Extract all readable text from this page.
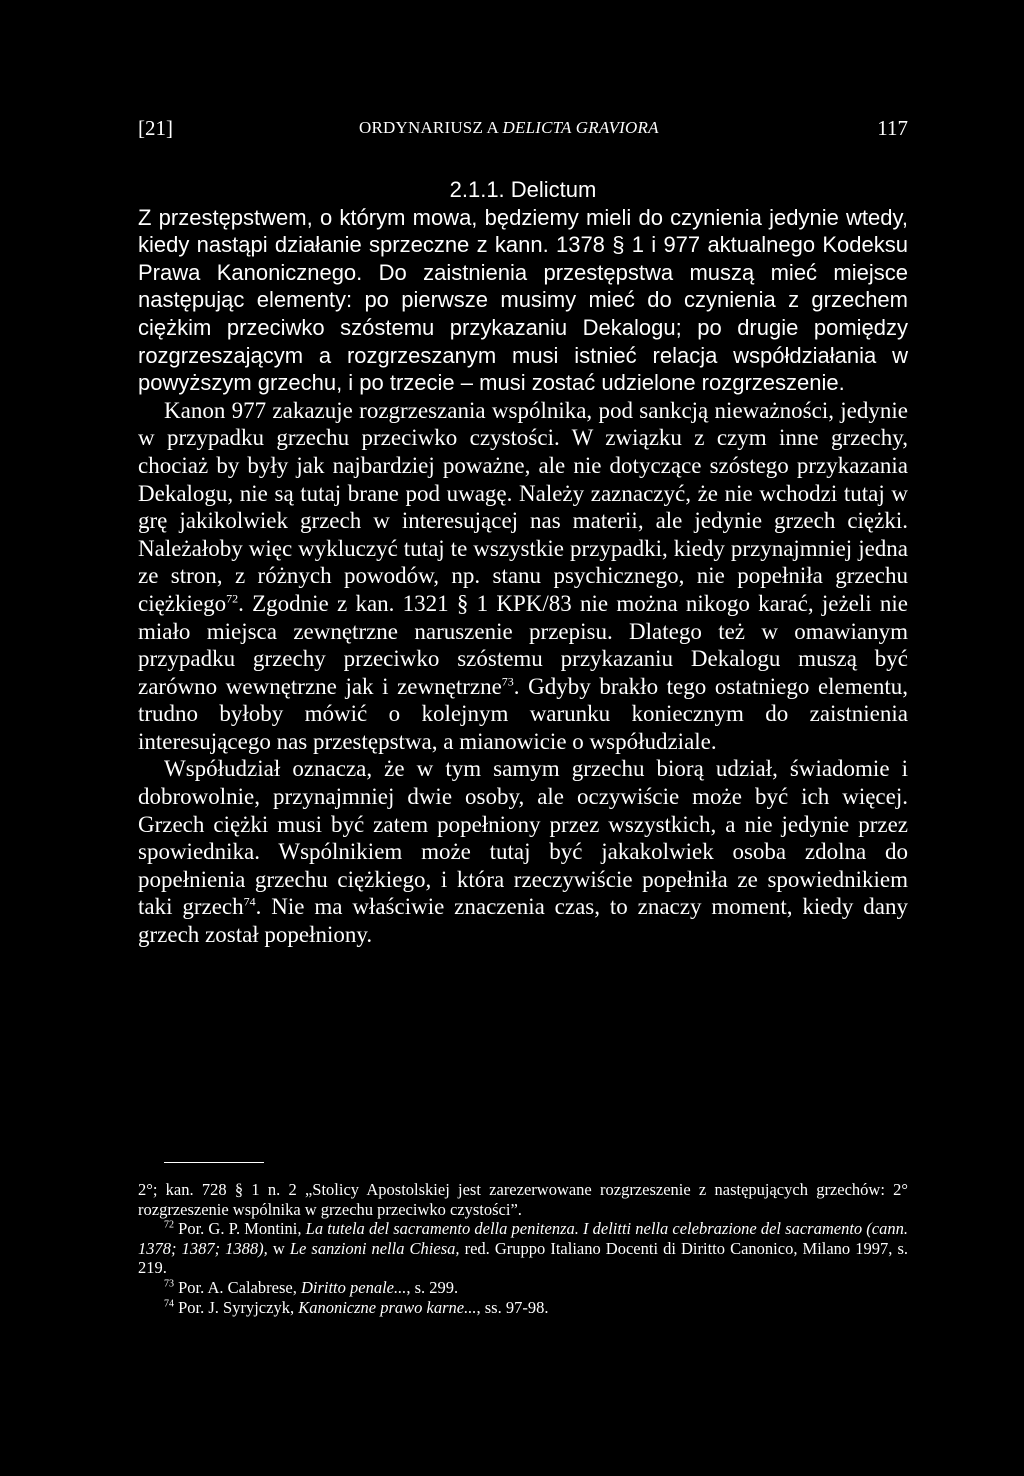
[21]	ORDYNARIUSZ A DELICTA GRAVIORA	117

2.1.1. Delictum

Z przestępstwem, o którym mowa, będziemy mieli do czynienia jedynie wtedy, kiedy nastąpi działanie sprzeczne z kann. 1378 § 1 i 977 aktualnego Kodeksu Prawa Kanonicznego. Do zaistnienia przestępstwa muszą mieć miejsce następując elementy: po pierwsze musimy mieć do czynienia z grzechem ciężkim przeciwko szóstemu przykazaniu Dekalogu; po drugie pomiędzy rozgrzeszającym a rozgrzeszanym musi istnieć relacja współdziałania w powyższym grzechu, i po trzecie – musi zostać udzielone rozgrzeszenie.

Kanon 977 zakazuje rozgrzeszania wspólnika, pod sankcją nieważności, jedynie w przypadku grzechu przeciwko czystości. W związku z czym inne grzechy, chociaż by były jak najbardziej poważne, ale nie dotyczące szóstego przykazania Dekalogu, nie są tutaj brane pod uwagę. Należy zaznaczyć, że nie wchodzi tutaj w grę jakikolwiek grzech w interesującej nas materii, ale jedynie grzech ciężki. Należałoby więc wykluczyć tutaj te wszystkie przypadki, kiedy przynajmniej jedna ze stron, z różnych powodów, np. stanu psychicznego, nie popełniła grzechu ciężkiego$^{72}$. Zgodnie z kan. 1321 § 1 KPK/83 nie można nikogo karać, jeżeli nie miało miejsca zewnętrzne naruszenie przepisu. Dlatego też w omawianym przypadku grzechy przeciwko szóstemu przykazaniu Dekalogu muszą być zarówno wewnętrzne jak i zewnętrzne$^{73}$. Gdyby brakło tego ostatniego elementu, trudno byłoby mówić o kolejnym warunku koniecznym do zaistnienia interesującego nas przestępstwa, a mianowicie o współudziale.

Współudział oznacza, że w tym samym grzechu biorą udział, świadomie i dobrowolnie, przynajmniej dwie osoby, ale oczywiście może być ich więcej. Grzech ciężki musi być zatem popełniony przez wszystkich, a nie jedynie przez spowiednika. Wspólnikiem może tutaj być jakakolwiek osoba zdolna do popełnienia grzechu ciężkiego, i która rzeczywiście popełniła ze spowiednikiem taki grzech$^{74}$. Nie ma właściwie znaczenia czas, to znaczy moment, kiedy dany grzech został popełniony.

2°; kan. 728 § 1 n. 2 „Stolicy Apostolskiej jest zarezerwowane rozgrzeszenie z następujących grzechów: 2° rozgrzeszenie wspólnika w grzechu przeciwko czystości”.

$^{72}$ Por. G. P. Montini, La tutela del sacramento della penitenza. I delitti nella celebrazione del sacramento (cann. 1378; 1387; 1388), w Le sanzioni nella Chiesa, red. Gruppo Italiano Docenti di Diritto Canonico, Milano 1997, s. 219.

$^{73}$ Por. A. Calabrese, Diritto penale..., s. 299.

$^{74}$ Por. J. Syryjczyk, Kanoniczne prawo karne..., ss. 97-98.
